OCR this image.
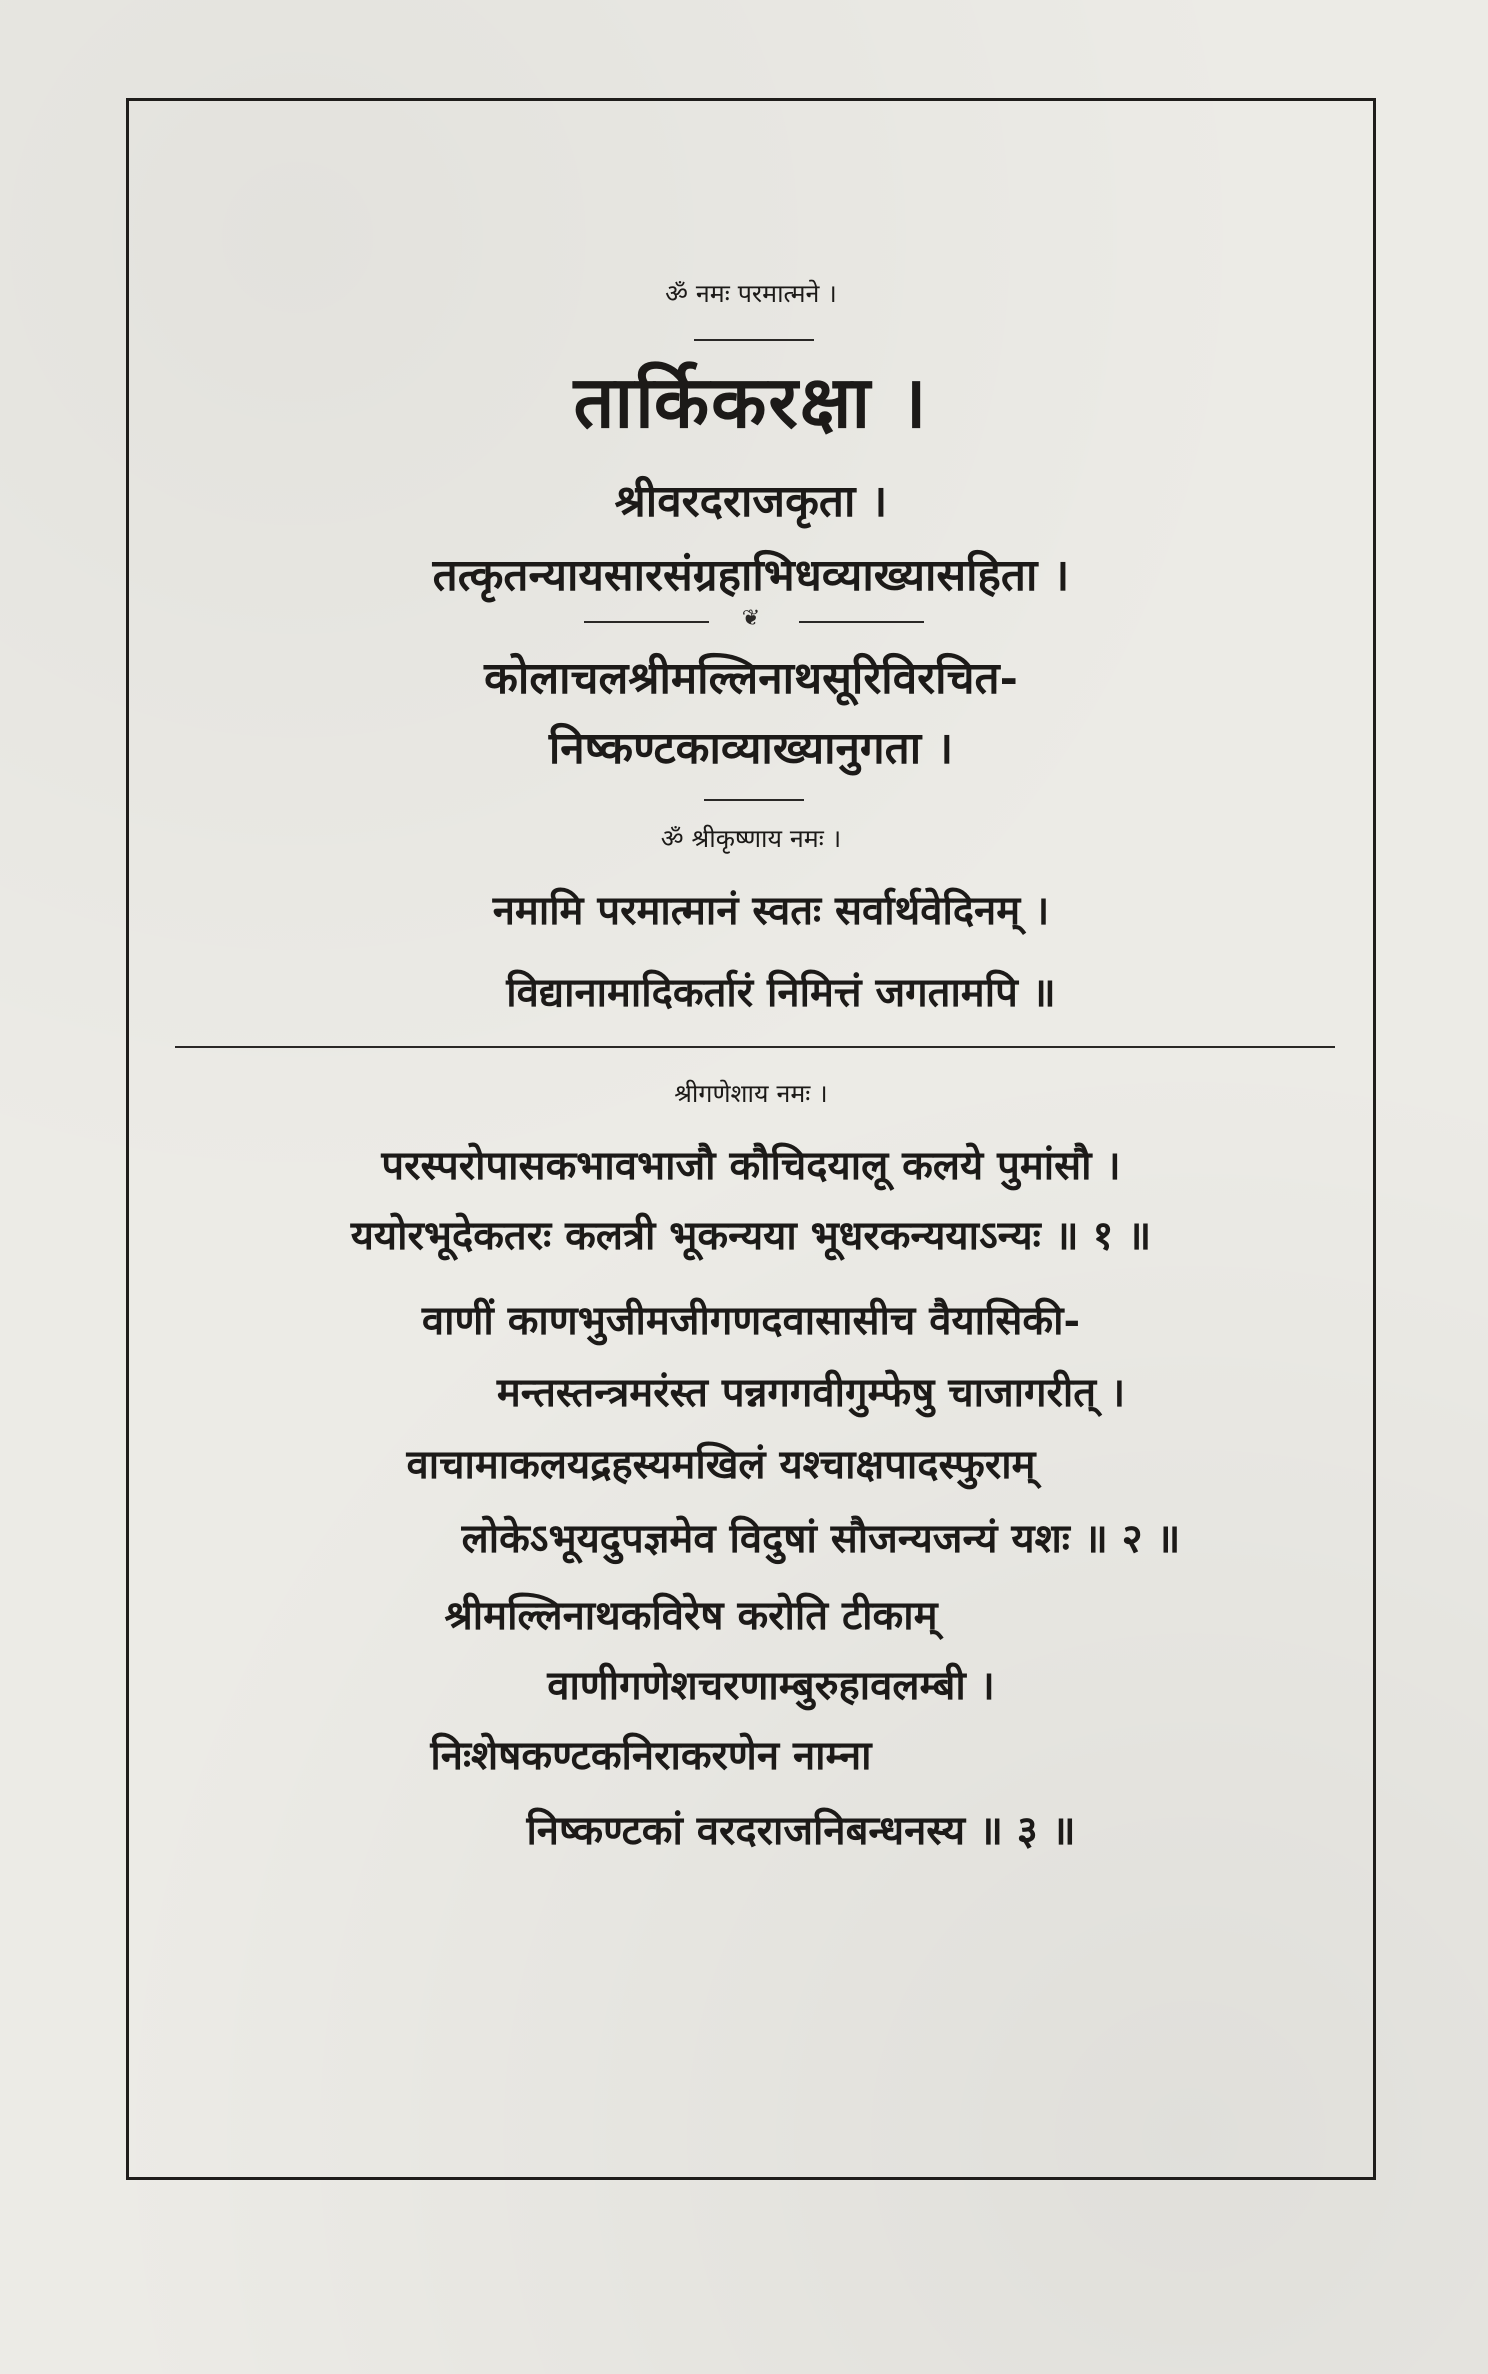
ॐ नमः परमात्मने ।
तार्किकरक्षा ।
श्रीवरदराजकृता ।
तत्कृतन्यायसारसंग्रहाभिधव्याख्यासहिता ।
❦
कोलाचलश्रीमल्लिनाथसूरिविरचित-
निष्कण्टकाव्याख्यानुगता ।
ॐ श्रीकृष्णाय नमः ।
नमामि परमात्मानं स्वतः सर्वार्थवेदिनम् ।
विद्यानामादिकर्तारं निमित्तं जगतामपि ॥
श्रीगणेशाय नमः ।
परस्परोपासकभावभाजौ कौचिदयालू कलये पुमांसौ ।
ययोरभूदेकतरः कलत्री भूकन्यया भूधरकन्ययाऽन्यः ॥ १ ॥
वाणीं काणभुजीमजीगणदवासासीच वैयासिकी-
मन्तस्तन्त्रमरंस्त पन्नगगवीगुम्फेषु चाजागरीत् ।
वाचामाकलयद्रहस्यमखिलं यश्चाक्षपादस्फुराम्
लोकेऽभूयदुपज्ञमेव विदुषां सौजन्यजन्यं यशः ॥ २ ॥
श्रीमल्लिनाथकविरेष करोति टीकाम्
वाणीगणेशचरणाम्बुरुहावलम्बी ।
निःशेषकण्टकनिराकरणेन नाम्ना
निष्कण्टकां वरदराजनिबन्धनस्य ॥ ३ ॥
